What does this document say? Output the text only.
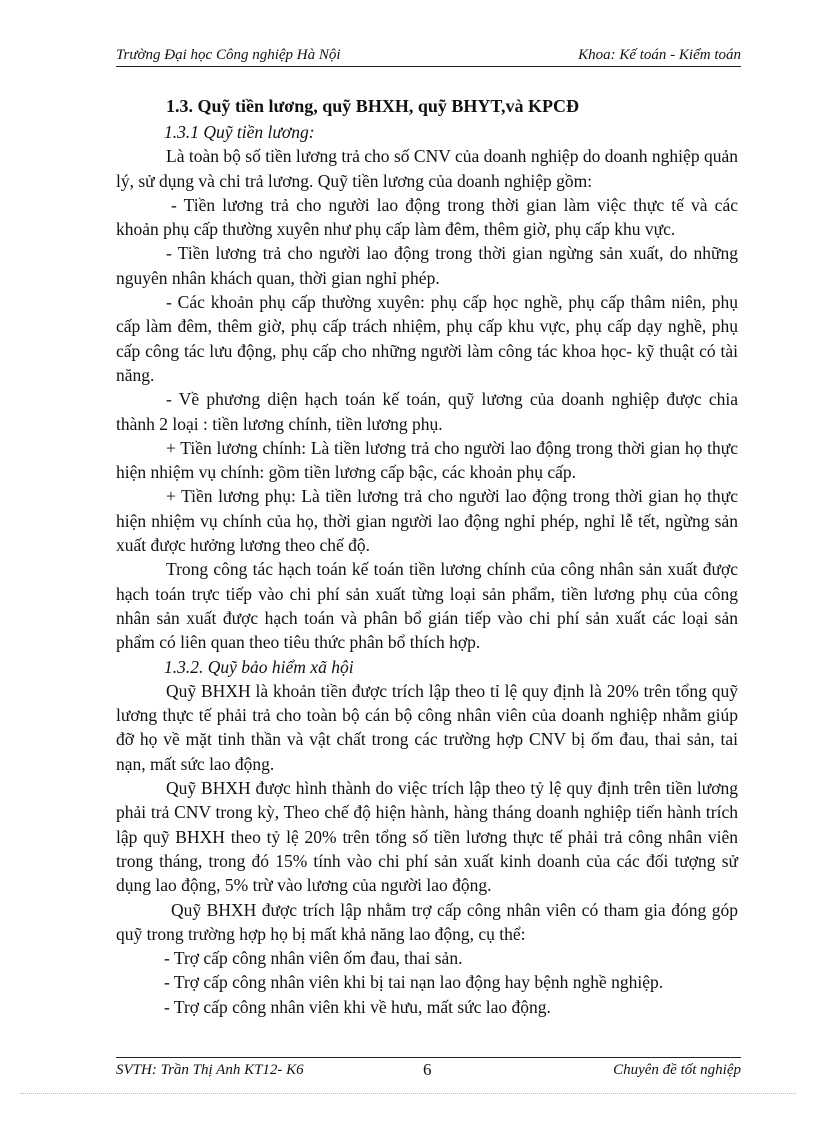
Trường Đại học Công nghiệp Hà Nội	Khoa: Kế toán - Kiểm toán

1.3. Quỹ tiền lương, quỹ BHXH, quỹ BHYT,và KPCĐ

1.3.1 Quỹ tiền lương:

Là toàn bộ số tiền lương trả cho số CNV của doanh nghiệp do doanh nghiệp quản lý, sử dụng và chi trả lương. Quỹ tiền lương của doanh nghiệp gồm:

- Tiền lương trả cho người lao động trong thời gian làm việc thực tế và các khoản phụ cấp thường xuyên như phụ cấp làm đêm, thêm giờ, phụ cấp khu vực.

- Tiền lương trả cho người lao động trong thời gian ngừng sản xuất, do những nguyên nhân khách quan, thời gian nghỉ phép.

- Các khoản phụ cấp thường xuyên: phụ cấp học nghề, phụ cấp thâm niên, phụ cấp làm đêm, thêm giờ, phụ cấp trách nhiệm, phụ cấp khu vực, phụ cấp dạy nghề, phụ cấp công tác lưu động, phụ cấp cho những người làm công tác khoa học- kỹ thuật có tài năng.

- Về phương diện hạch toán kế toán, quỹ lương của doanh nghiệp được chia thành 2 loại : tiền lương chính, tiền lương phụ.

+ Tiền lương chính: Là tiền lương trả cho người lao động trong thời gian họ thực hiện nhiệm vụ chính: gồm tiền lương cấp bậc, các khoản phụ cấp.

+ Tiền lương phụ: Là tiền lương trả cho người lao động trong thời gian họ thực hiện nhiệm vụ chính của họ, thời gian người lao động nghỉ phép, nghỉ lễ tết, ngừng sản xuất được hưởng lương theo chế độ.

Trong công tác hạch toán kế toán tiền lương chính của công nhân sản xuất được hạch toán trực tiếp vào chi phí sản xuất từng loại sản phẩm, tiền lương phụ của công nhân sản xuất được hạch toán và phân bổ gián tiếp vào chi phí sản xuất các loại sản phẩm có liên quan theo tiêu thức phân bổ thích hợp.

1.3.2. Quỹ bảo hiểm xã hội

Quỹ BHXH là khoản tiền được trích lập theo tỉ lệ quy định là 20% trên tổng quỹ lương thực tế phải trả cho toàn bộ cán bộ công nhân viên của doanh nghiệp nhằm giúp đỡ họ về mặt tinh thần và vật chất trong các trường hợp CNV bị ốm đau, thai sản, tai nạn, mất sức lao động.

Quỹ BHXH được hình thành do việc trích lập theo tỷ lệ quy định trên tiền lương phải trả CNV trong kỳ, Theo chế độ hiện hành, hàng tháng doanh nghiệp tiến hành trích lập quỹ BHXH theo tỷ lệ 20% trên tổng số tiền lương thực tế phải trả công nhân viên trong tháng, trong đó 15% tính vào chi phí sản xuất kinh doanh của các đối tượng sử dụng lao động, 5% trừ vào lương của người lao động.

Quỹ BHXH được trích lập nhằm trợ cấp công nhân viên có tham gia đóng góp quỹ trong trường hợp họ bị mất khả năng lao động, cụ thể:

- Trợ cấp công nhân viên ốm đau, thai sản.

- Trợ cấp công nhân viên khi bị tai nạn lao động hay bệnh nghề nghiệp.

- Trợ cấp công nhân viên khi về hưu, mất sức lao động.

SVTH: Trần Thị Anh KT12- K6	6	Chuyên đề tốt nghiệp
